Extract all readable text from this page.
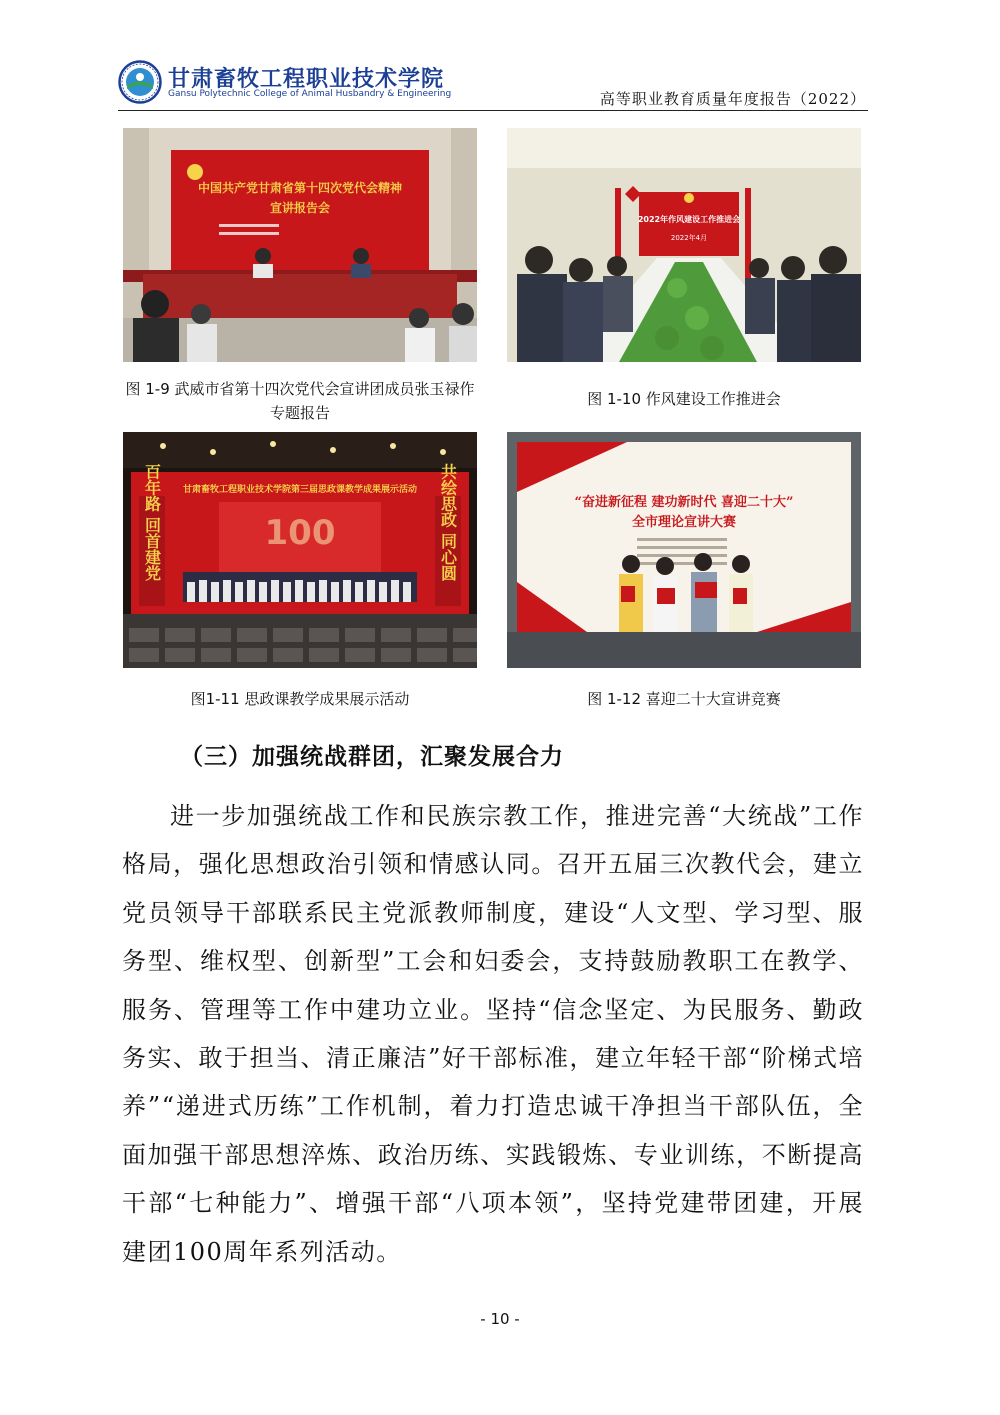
甘肃畜牧工程职业技术学院
Gansu Polytechnic College of Animal Husbandry & Engineering	高等职业教育质量年度报告（2022）
中国共产党甘肃省第十四次党代会精神
宣讲报告会
图 1-9 武威市省第十四次党代会宣讲团成员张玉禄作专题报告
2022年作风建设工作推进会
2022年4月
图 1-10 作风建设工作推进会
甘肃畜牧工程职业技术学院第三届思政课教学成果展示活动
百年路 回首建党	共绘思政 同心圆
100
图1-11 思政课教学成果展示活动
“奋进新征程 建功新时代 喜迎二十大”
全市理论宣讲大赛
图 1-12 喜迎二十大宣讲竞赛
（三）加强统战群团，汇聚发展合力
进一步加强统战工作和民族宗教工作，推进完善“大统战”工作格局，强化思想政治引领和情感认同。召开五届三次教代会，建立党员领导干部联系民主党派教师制度，建设“人文型、学习型、服务型、维权型、创新型”工会和妇委会，支持鼓励教职工在教学、服务、管理等工作中建功立业。坚持“信念坚定、为民服务、勤政务实、敢于担当、清正廉洁”好干部标准，建立年轻干部“阶梯式培养”“递进式历练”工作机制，着力打造忠诚干净担当干部队伍，全面加强干部思想淬炼、政治历练、实践锻炼、专业训练，不断提高干部“七种能力”、增强干部“八项本领”，坚持党建带团建，开展建团100周年系列活动。
- 10 -
